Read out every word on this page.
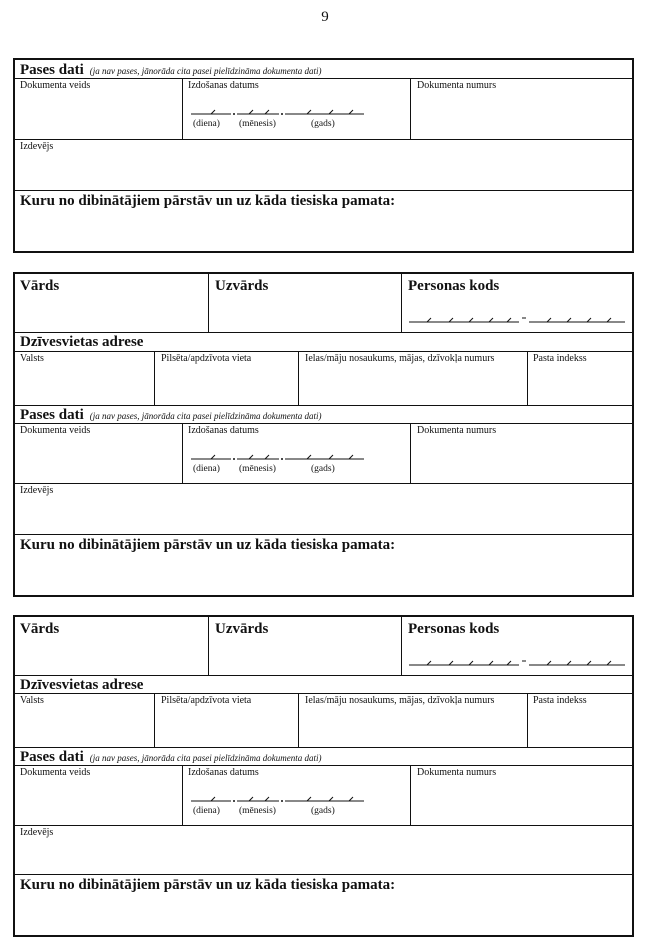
9
Pases dati (ja nav pases, jānorāda cita pasei pielīdzināma dokumenta dati)
Dokumenta veids	Izdošanas datums	Dokumenta numurs
(diena) (mēnesis)	(gads)
Izdevējs
Kuru no dibinātājiem pārstāv un uz kāda tiesiska pamata:
Vārds	Uzvārds	Personas kods
Dzīvesvietas adrese
Valsts	Pilsēta/apdzīvota vieta	Ielas/māju nosaukums, mājas, dzīvokļa numurs	Pasta indekss
Pases dati (ja nav pases, jānorāda cita pasei pielīdzināma dokumenta dati)
Dokumenta veids	Izdošanas datums	Dokumenta numurs
(diena) (mēnesis)	(gads)
Izdevējs
Kuru no dibinātājiem pārstāv un uz kāda tiesiska pamata:
Vārds	Uzvārds	Personas kods
Dzīvesvietas adrese
Valsts	Pilsēta/apdzīvota vieta	Ielas/māju nosaukums, mājas, dzīvokļa numurs	Pasta indekss
Pases dati (ja nav pases, jānorāda cita pasei pielīdzināma dokumenta dati)
Dokumenta veids	Izdošanas datums	Dokumenta numurs
(diena) (mēnesis)	(gads)
Izdevējs
Kuru no dibinātājiem pārstāv un uz kāda tiesiska pamata:
